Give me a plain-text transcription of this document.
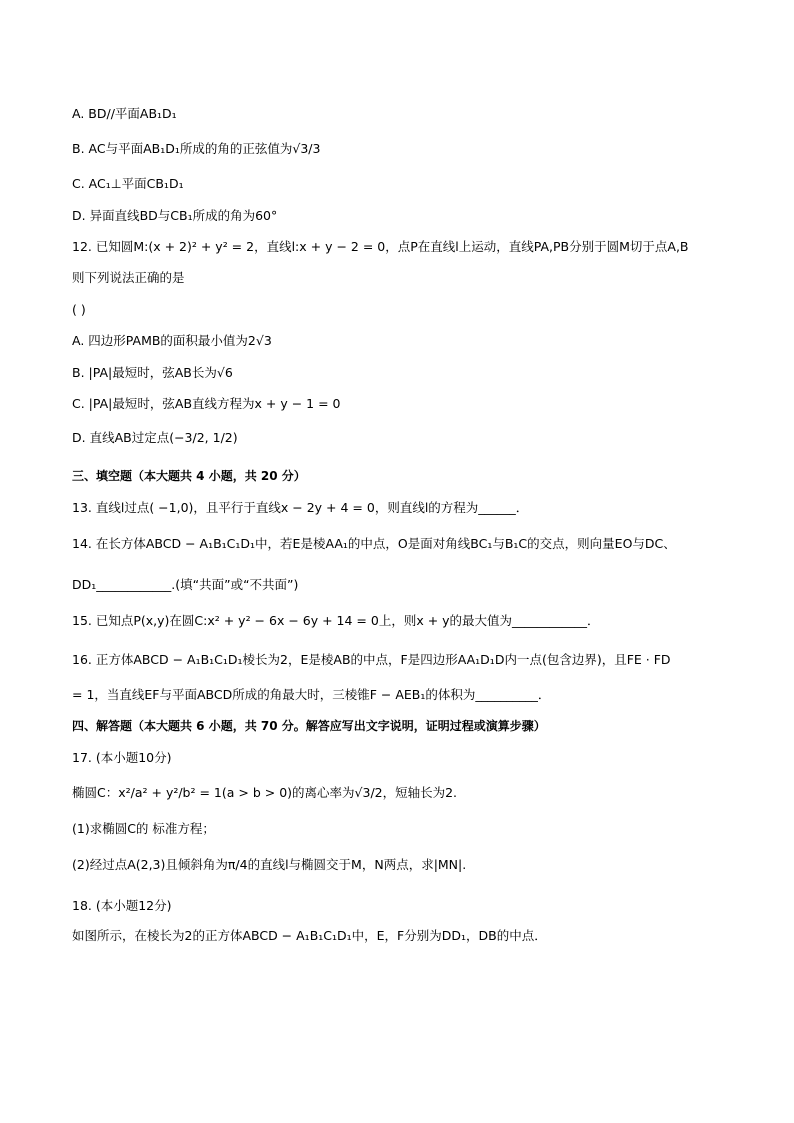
A. BD//平面AB₁D₁
B. AC与平面AB₁D₁所成的角的正弦值为√3/3
C. AC₁⊥平面CB₁D₁
D. 异面直线BD与CB₁所成的角为60°
12. 已知圆M:(x + 2)² + y² = 2，直线l:x + y − 2 = 0，点P在直线l上运动，直线PA,PB分别于圆M切于点A,B
则下列说法正确的是
( )
A. 四边形PAMB的面积最小值为2√3
B. |PA|最短时，弦AB长为√6
C. |PA|最短时，弦AB直线方程为x + y − 1 = 0
D. 直线AB过定点(−3/2, 1/2)
三、填空题（本大题共 4 小题，共 20 分）
13. 直线l过点( −1,0)，且平行于直线x − 2y + 4 = 0，则直线l的方程为______．
14. 在长方体ABCD − A₁B₁C₁D₁中，若E是棱AA₁的中点，O是面对角线BC₁与B₁C的交点，则向量EO与DC、
DD₁____________.(填“共面”或“不共面”)
15. 已知点P(x,y)在圆C:x² + y² − 6x − 6y + 14 = 0上，则x + y的最大值为____________．
16. 正方体ABCD − A₁B₁C₁D₁棱长为2，E是棱AB的中点，F是四边形AA₁D₁D内一点(包含边界)，且FE · FD
= 1，当直线EF与平面ABCD所成的角最大时，三棱锥F − AEB₁的体积为__________．
四、解答题（本大题共 6 小题，共 70 分。解答应写出文字说明，证明过程或演算步骤）
17. (本小题10分)
椭圆C：x²/a² + y²/b² = 1(a > b > 0)的离心率为√3/2，短轴长为2.
(1)求椭圆C的 标准方程；
(2)经过点A(2,3)且倾斜角为π/4的直线l与椭圆交于M，N两点，求|MN|.
18. (本小题12分)
如图所示，在棱长为2的正方体ABCD − A₁B₁C₁D₁中，E，F分别为DD₁，DB的中点．
